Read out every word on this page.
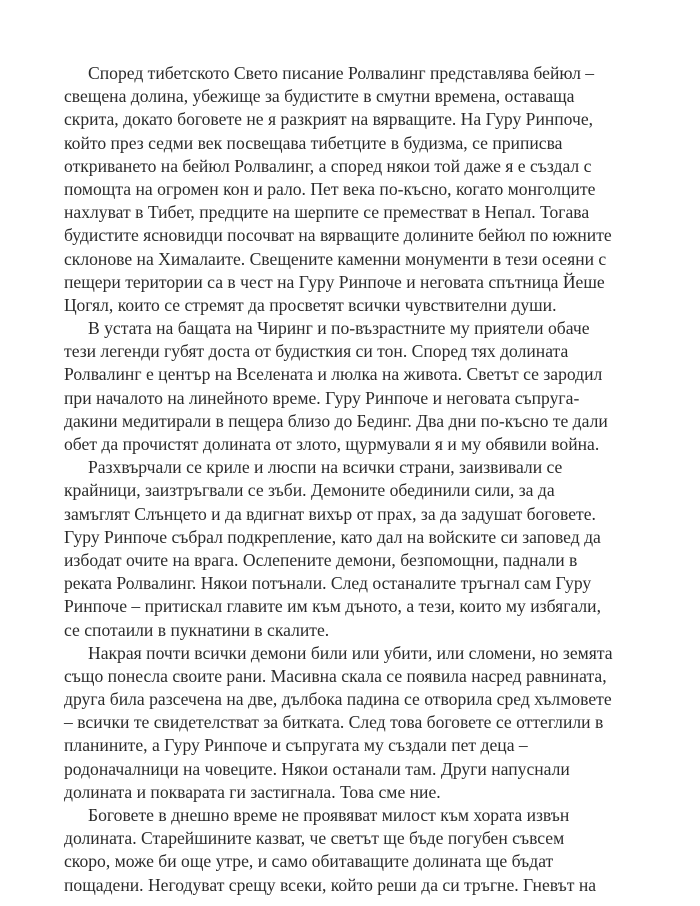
Според тибетското Свето писание Ролвалинг представлява бейюл –
свещена долина, убежище за будистите в смутни времена, оставаща
скрита, докато боговете не я разкрият на вярващите. На Гуру Ринпоче,
който през седми век посвещава тибетците в будизма, се приписва
откриването на бейюл Ролвалинг, а според някои той даже я е създал с
помощта на огромен кон и рало. Пет века по-късно, когато монголците
нахлуват в Тибет, предците на шерпите се преместват в Непал. Тогава
будистите ясновидци посочват на вярващите долините бейюл по южните
склонове на Хималаите. Свещените каменни монументи в тези осеяни с
пещери територии са в чест на Гуру Ринпоче и неговата спътница Йеше
Цогял, които се стремят да просветят всички чувствителни души.
В устата на бащата на Чиринг и по-възрастните му приятели обаче
тези легенди губят доста от будисткия си тон. Според тях долината
Ролвалинг е център на Вселената и люлка на живота. Светът се зародил
при началото на линейното време. Гуру Ринпоче и неговата съпруга-
дакини медитирали в пещера близо до Бединг. Два дни по-късно те дали
обет да прочистят долината от злото, щурмували я и му обявили война.
Разхвърчали се криле и люспи на всички страни, заизвивали се
крайници, заизтръгвали се зъби. Демоните обединили сили, за да
замъглят Слънцето и да вдигнат вихър от прах, за да задушат боговете.
Гуру Ринпоче събрал подкрепление, като дал на войските си заповед да
избодат очите на врага. Ослепените демони, безпомощни, паднали в
реката Ролвалинг. Някои потънали. След останалите тръгнал сам Гуру
Ринпоче – притискал главите им към дъното, а тези, които му избягали,
се спотаили в пукнатини в скалите.
Накрая почти всички демони били или убити, или сломени, но земята
също понесла своите рани. Масивна скала се появила насред равнината,
друга била разсечена на две, дълбока падина се отворила сред хълмовете
– всички те свидетелстват за битката. След това боговете се оттеглили в
планините, а Гуру Ринпоче и съпругата му създали пет деца –
родоначалници на човеците. Някои останали там. Други напуснали
долината и покварата ги застигнала. Това сме ние.
Боговете в днешно време не проявяват милост към хората извън
долината. Старейшините казват, че светът ще бъде погубен съвсем
скоро, може би още утре, и само обитаващите долината ще бъдат
пощадени. Негодуват срещу всеки, който реши да си тръгне. Гневът на
